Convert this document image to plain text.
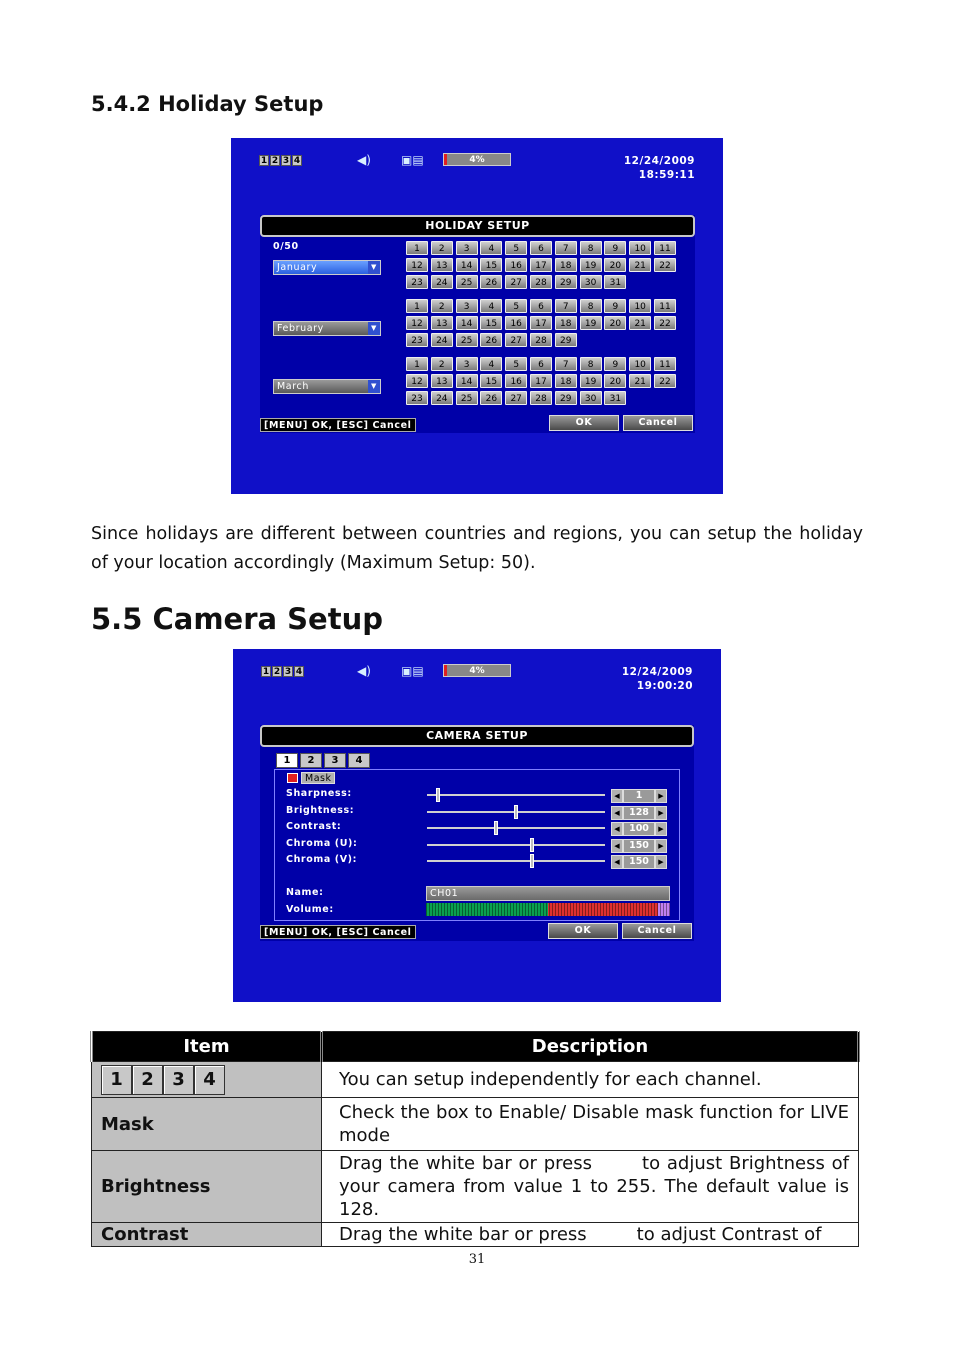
5.4.2 Holiday Setup
1 2 3 4	◀)	▣▤	4%	12/24/2009
18:59:11
HOLIDAY SETUP
0/50
January	▼
1	2	3	4	5	6	7	8	9	10	11
12	13	14	15	16	17	18	19	20	21	22
23	24	25	26	27	28	29	30	31
February	▼
1	2	3	4	5	6	7	8	9	10	11
12	13	14	15	16	17	18	19	20	21	22
23	24	25	26	27	28	29
March	▼
1	2	3	4	5	6	7	8	9	10	11
12	13	14	15	16	17	18	19	20	21	22
23	24	25	26	27	28	29	30	31
[MENU] OK, [ESC] Cancel	OK	Cancel
Since holidays are different between countries and regions, you can setup the holiday of your location accordingly (Maximum Setup: 50).
5.5 Camera Setup
1 2 3 4	◀)	▣▤	4%	12/24/2009
19:00:20
CAMERA SETUP
1	2	3	4
Mask
Sharpness:	◀	1	▶
Brightness:	◀ 128	▶
Contrast:	◀ 100	▶
Chroma (U):	◀ 150	▶
Chroma (V):	◀ 150	▶
Name:	CH01
Volume:
[MENU] OK, [ESC] Cancel	OK	Cancel
Item	Description

1 2 3 4	You can setup independently for each channel.
Mask	Check the box to Enable/ Disable mask function for LIVE mode
Brightness	Drag the white bar or press to adjust Brightness of your camera from value 1 to 255. The default value is 128.
Contrast	Drag the white bar or press to adjust Contrast of
31
